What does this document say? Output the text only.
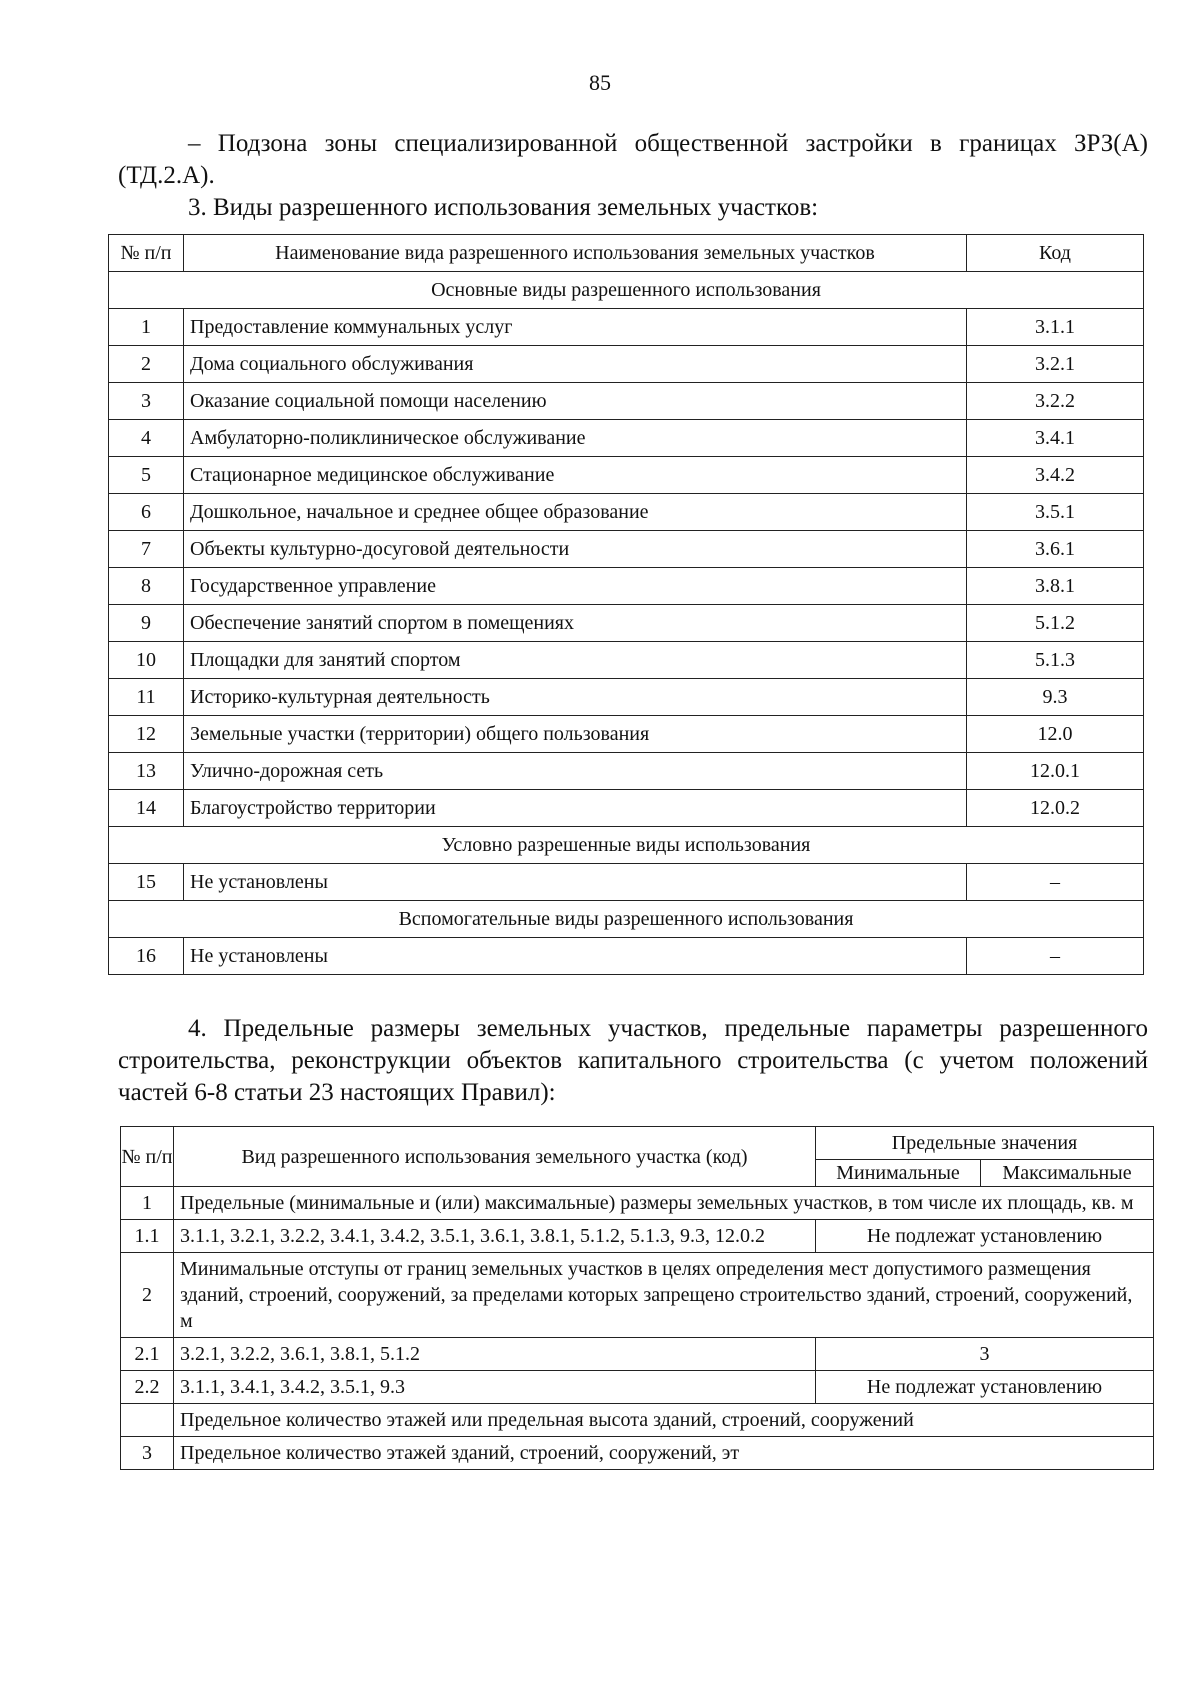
85
– Подзона зоны специализированной общественной застройки в границах ЗРЗ(А) (ТД.2.А).
3. Виды разрешенного использования земельных участков:
№ п/п	Наименование вида разрешенного использования земельных участков	Код
Основные виды разрешенного использования		
1	Предоставление коммунальных услуг	3.1.1
2	Дома социального обслуживания	3.2.1
3	Оказание социальной помощи населению	3.2.2
4	Амбулаторно-поликлиническое обслуживание	3.4.1
5	Стационарное медицинское обслуживание	3.4.2
6	Дошкольное, начальное и среднее общее образование	3.5.1
7	Объекты культурно-досуговой деятельности	3.6.1
8	Государственное управление	3.8.1
9	Обеспечение занятий спортом в помещениях	5.1.2
10	Площадки для занятий спортом	5.1.3
11	Историко-культурная деятельность	9.3
12	Земельные участки (территории) общего пользования	12.0
13	Улично-дорожная сеть	12.0.1
14	Благоустройство территории	12.0.2
Условно разрешенные виды использования		
15	Не установлены	–
Вспомогательные виды разрешенного использования		
16	Не установлены	–
4. Предельные размеры земельных участков, предельные параметры разрешенного строительства, реконструкции объектов капитального строительства (с учетом положений частей 6-8 статьи 23 настоящих Правил):
№ п/п	Вид разрешенного использования земельного участка (код)	Предельные значения	
		Минимальные	Максимальные
1	Предельные (минимальные и (или) максимальные) размеры земельных участков, в том числе их площадь, кв. м		
1.1	3.1.1, 3.2.1, 3.2.2, 3.4.1, 3.4.2, 3.5.1, 3.6.1, 3.8.1, 5.1.2, 5.1.3, 9.3, 12.0.2	Не подлежат установлению	
2	Минимальные отступы от границ земельных участков в целях определения мест допустимого размещения зданий, строений, сооружений, за пределами которых запрещено строительство зданий, строений, сооружений, м		
2.1	3.2.1, 3.2.2, 3.6.1, 3.8.1, 5.1.2	3	
2.2	3.1.1, 3.4.1, 3.4.2, 3.5.1, 9.3	Не подлежат установлению	
	Предельное количество этажей или предельная высота зданий, строений, сооружений		
3	Предельное количество этажей зданий, строений, сооружений, эт		
